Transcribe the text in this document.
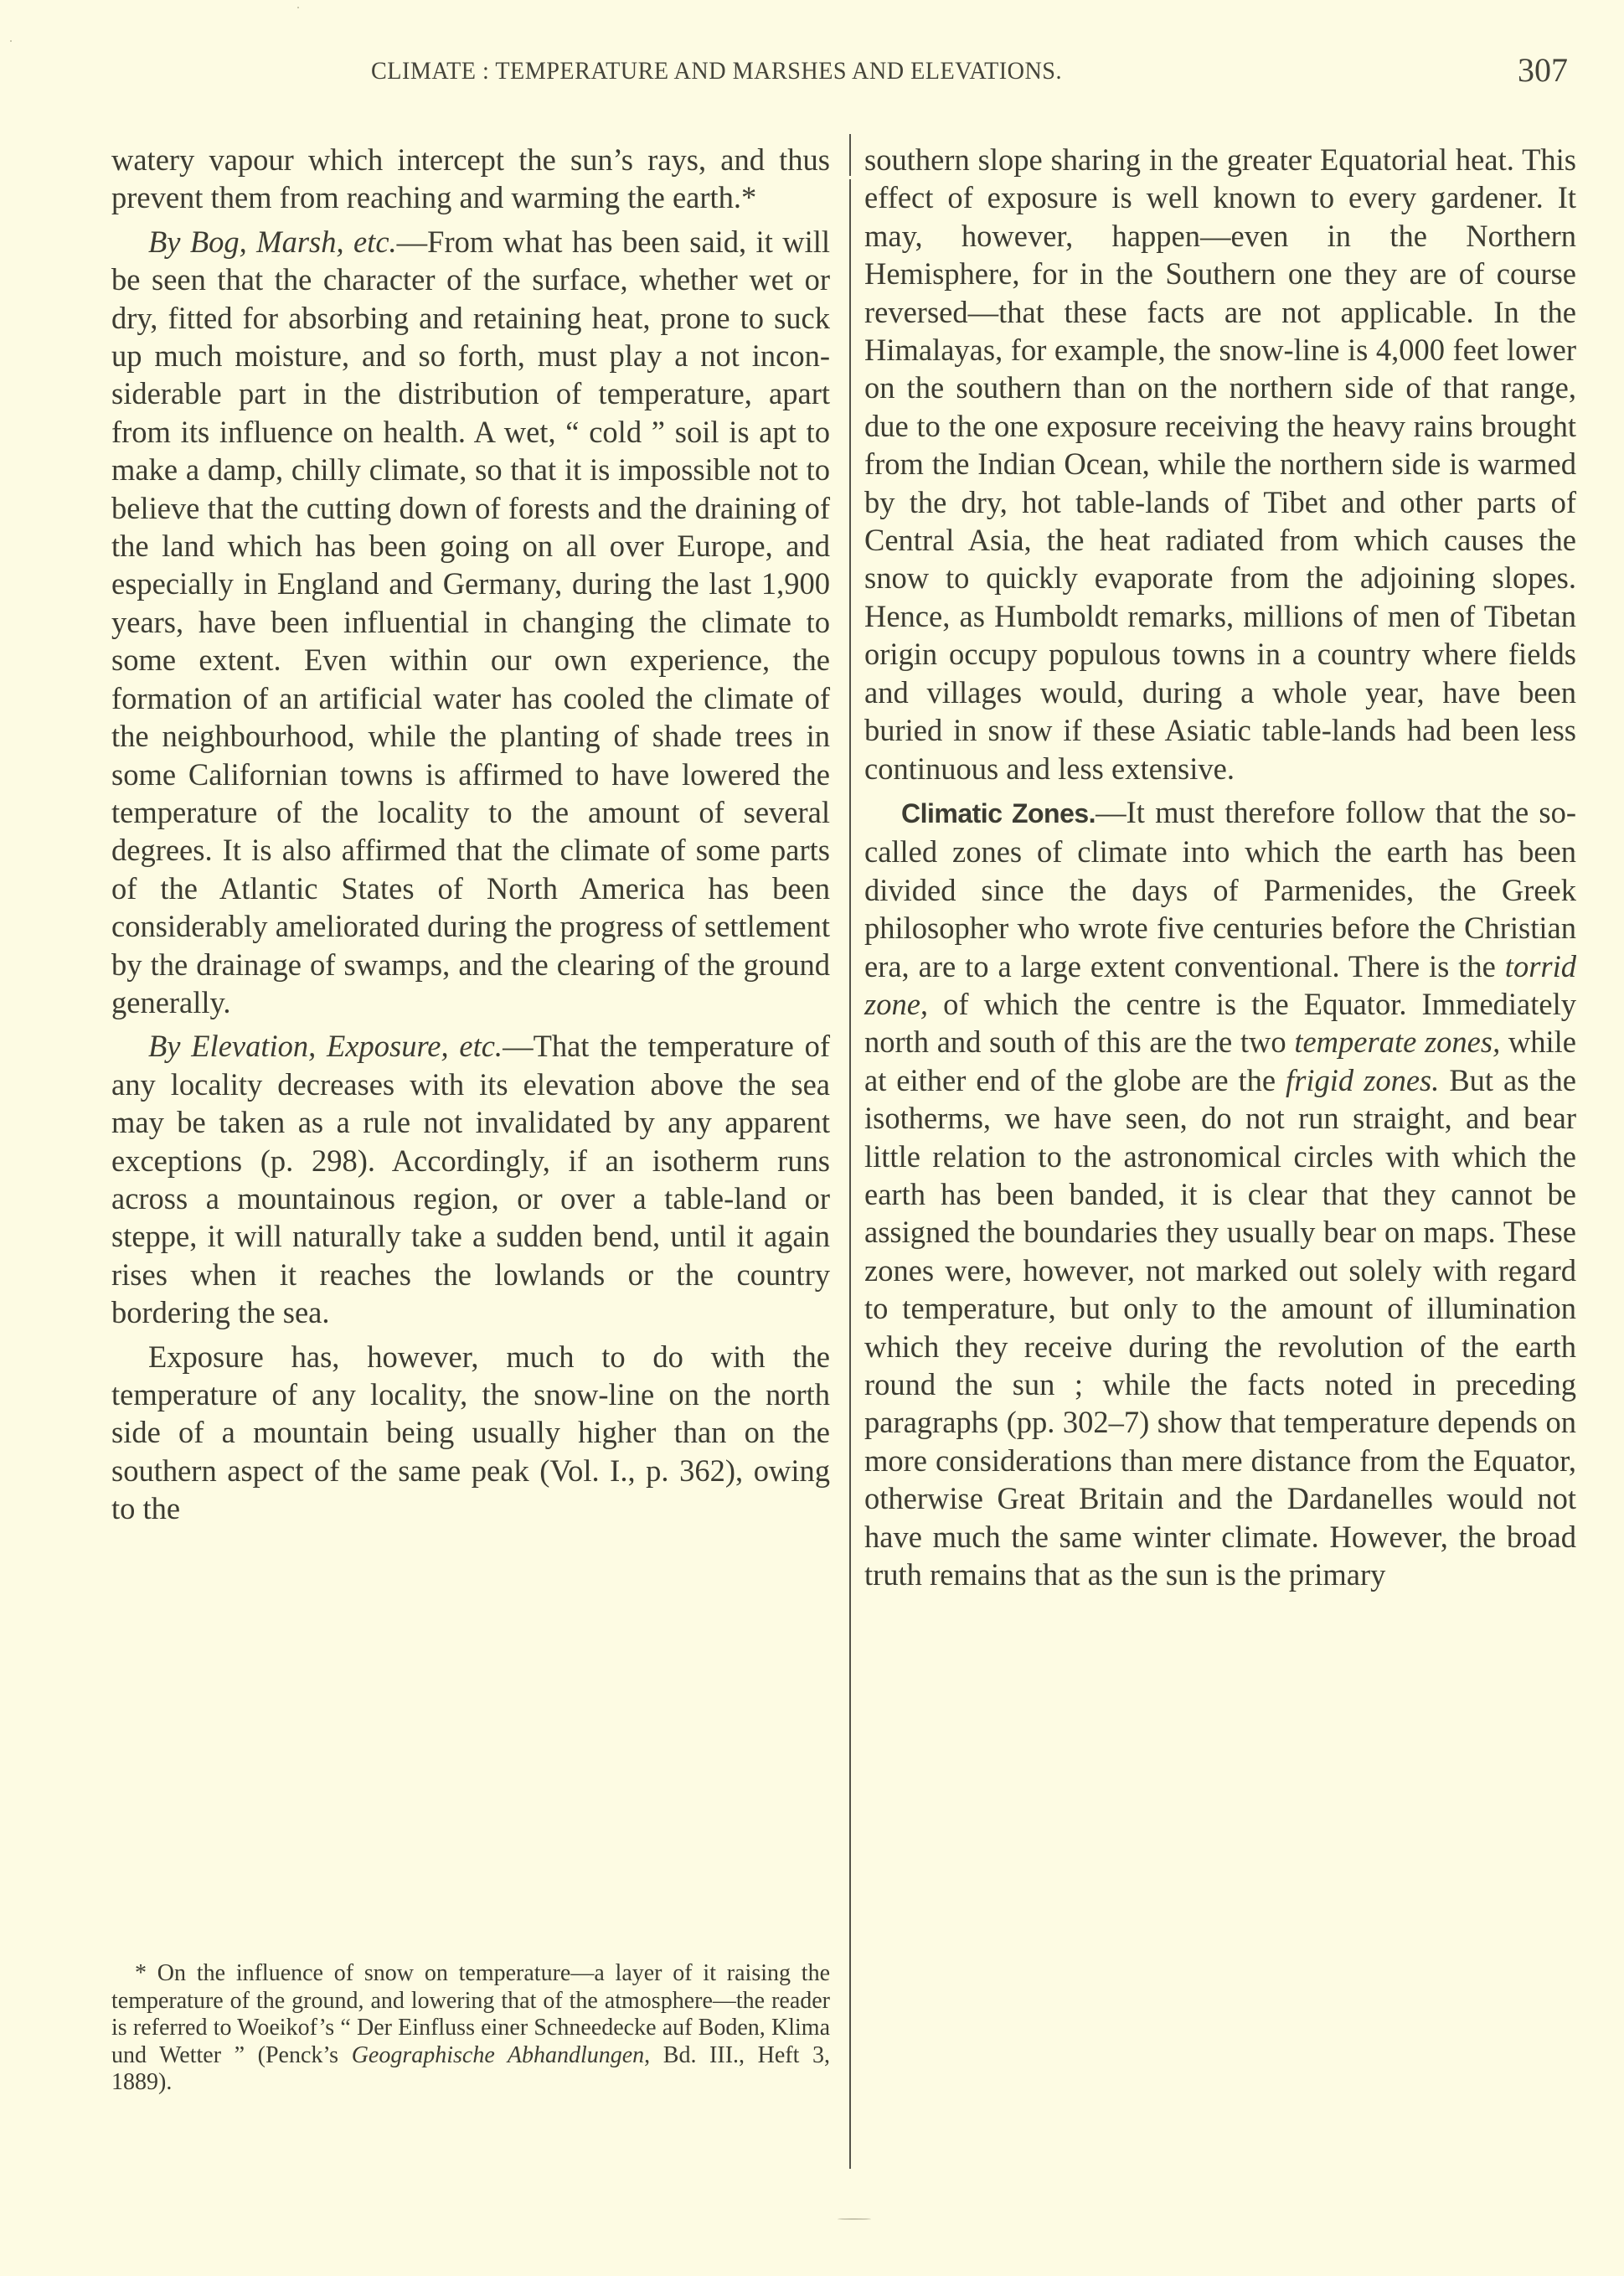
CLIMATE : TEMPERATURE AND MARSHES AND ELEVATIONS.	307

watery vapour which intercept the sun’s rays, and thus prevent them from reaching and warming the earth.*

By Bog, Marsh, etc.—From what has been said, it will be seen that the character of the surface, whether wet or dry, fitted for absorbing and retaining heat, prone to suck up much moisture, and so forth, must play a not inconsiderable part in the distribution of temperature, apart from its influence on health. A wet, “ cold ” soil is apt to make a damp, chilly climate, so that it is impossible not to believe that the cutting down of forests and the draining of the land which has been going on all over Europe, and especially in England and Germany, during the last 1,900 years, have been influential in changing the climate to some extent. Even within our own experience, the formation of an artificial water has cooled the climate of the neighbourhood, while the planting of shade trees in some Californian towns is affirmed to have lowered the temperature of the locality to the amount of several degrees. It is also affirmed that the climate of some parts of the Atlantic States of North America has been considerably ameliorated during the progress of settlement by the drainage of swamps, and the clearing of the ground generally.

By Elevation, Exposure, etc.—That the temperature of any locality decreases with its elevation above the sea may be taken as a rule not invalidated by any apparent exceptions (p. 298). Accordingly, if an isotherm runs across a mountainous region, or over a table-land or steppe, it will naturally take a sudden bend, until it again rises when it reaches the lowlands or the country bordering the sea.

Exposure has, however, much to do with the temperature of any locality, the snow-line on the north side of a mountain being usually higher than on the southern aspect of the same peak (Vol. I., p. 362), owing to the

* On the influence of snow on temperature—a layer of it raising the temperature of the ground, and lowering that of the atmosphere—the reader is referred to Woeikof’s “ Der Einfluss einer Schneedecke auf Boden, Klima und Wetter ” (Penck’s Geographische Abhandlungen, Bd. III., Heft 3, 1889).

southern slope sharing in the greater Equatorial heat. This effect of exposure is well known to every gardener. It may, however, happen—even in the Northern Hemisphere, for in the Southern one they are of course reversed—that these facts are not applicable. In the Himalayas, for example, the snow-line is 4,000 feet lower on the southern than on the northern side of that range, due to the one exposure receiving the heavy rains brought from the Indian Ocean, while the northern side is warmed by the dry, hot table-lands of Tibet and other parts of Central Asia, the heat radiated from which causes the snow to quickly evaporate from the adjoining slopes. Hence, as Humboldt remarks, millions of men of Tibetan origin occupy populous towns in a country where fields and villages would, during a whole year, have been buried in snow if these Asiatic table-lands had been less continuous and less extensive.

Climatic Zones.—It must therefore follow that the so-called zones of climate into which the earth has been divided since the days of Parmenides, the Greek philosopher who wrote five centuries before the Christian era, are to a large extent conventional. There is the torrid zone, of which the centre is the Equator. Immediately north and south of this are the two temperate zones, while at either end of the globe are the frigid zones. But as the isotherms, we have seen, do not run straight, and bear little relation to the astronomical circles with which the earth has been banded, it is clear that they cannot be assigned the boundaries they usually bear on maps. These zones were, however, not marked out solely with regard to temperature, but only to the amount of illumination which they receive during the revolution of the earth round the sun ; while the facts noted in preceding paragraphs (pp. 302–7) show that temperature depends on more considerations than mere distance from the Equator, otherwise Great Britain and the Dardanelles would not have much the same winter climate. However, the broad truth remains that as the sun is the primary
